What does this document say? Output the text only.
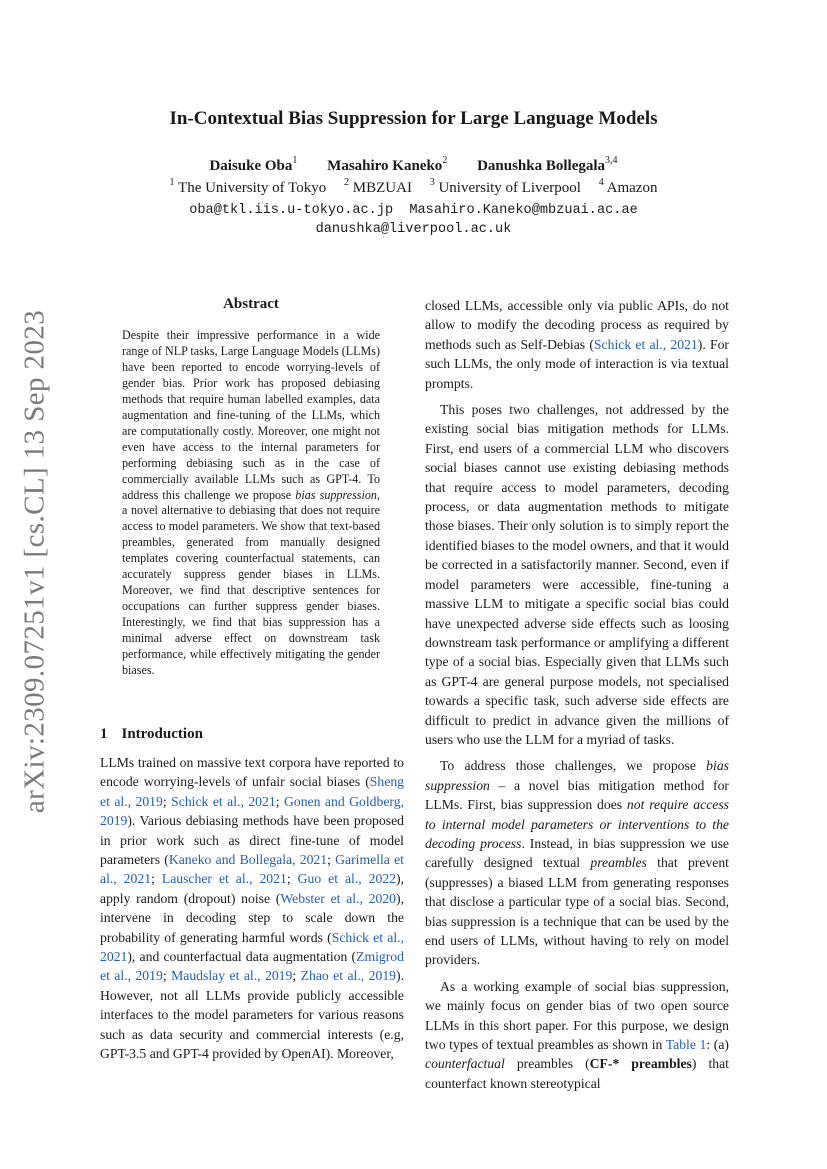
arXiv:2309.07251v1 [cs.CL] 13 Sep 2023
In-Contextual Bias Suppression for Large Language Models
Daisuke Oba$^1$ Masahiro Kaneko$^2$ Danushka Bollegala$^{3,4}$
$^1$ The University of Tokyo $^2$ MBZUAI $^3$ University of Liverpool $^4$ Amazon
oba@tkl.iis.u-tokyo.ac.jp Masahiro.Kaneko@mbzuai.ac.ae
danushka@liverpool.ac.uk
Abstract
Despite their impressive performance in a wide range of NLP tasks, Large Language Models (LLMs) have been reported to encode worrying-levels of gender bias. Prior work has proposed debiasing methods that require human labelled examples, data augmentation and fine-tuning of the LLMs, which are computationally costly. Moreover, one might not even have access to the internal parameters for performing debiasing such as in the case of commercially available LLMs such as GPT-4. To address this challenge we propose bias suppression, a novel alternative to debiasing that does not require access to model parameters. We show that text-based preambles, generated from manually designed templates covering counterfactual statements, can accurately suppress gender biases in LLMs. Moreover, we find that descriptive sentences for occupations can further suppress gender biases. Interestingly, we find that bias suppression has a minimal adverse effect on downstream task performance, while effectively mitigating the gender biases.
1 Introduction

LLMs trained on massive text corpora have reported to encode worrying-levels of unfair social biases (Sheng et al., 2019; Schick et al., 2021; Gonen and Goldberg, 2019). Various debiasing methods have been proposed in prior work such as direct fine-tune of model parameters (Kaneko and Bollegala, 2021; Garimella et al., 2021; Lauscher et al., 2021; Guo et al., 2022), apply random (dropout) noise (Webster et al., 2020), intervene in decoding step to scale down the probability of generating harmful words (Schick et al., 2021), and counterfactual data augmentation (Zmigrod et al., 2019; Maudslay et al., 2019; Zhao et al., 2019). However, not all LLMs provide publicly accessible interfaces to the model parameters for various reasons such as data security and commercial interests (e.g, GPT-3.5 and GPT-4 provided by OpenAI). Moreover,

closed LLMs, accessible only via public APIs, do not allow to modify the decoding process as required by methods such as Self-Debias (Schick et al., 2021). For such LLMs, the only mode of interaction is via textual prompts.

This poses two challenges, not addressed by the existing social bias mitigation methods for LLMs. First, end users of a commercial LLM who discovers social biases cannot use existing debiasing methods that require access to model parameters, decoding process, or data augmentation methods to mitigate those biases. Their only solution is to simply report the identified biases to the model owners, and that it would be corrected in a satisfactorily manner. Second, even if model parameters were accessible, fine-tuning a massive LLM to mitigate a specific social bias could have unexpected adverse side effects such as loosing downstream task performance or amplifying a different type of a social bias. Especially given that LLMs such as GPT-4 are general purpose models, not specialised towards a specific task, such adverse side effects are difficult to predict in advance given the millions of users who use the LLM for a myriad of tasks.

To address those challenges, we propose bias suppression – a novel bias mitigation method for LLMs. First, bias suppression does not require access to internal model parameters or interventions to the decoding process. Instead, in bias suppression we use carefully designed textual preambles that prevent (suppresses) a biased LLM from generating responses that disclose a particular type of a social bias. Second, bias suppression is a technique that can be used by the end users of LLMs, without having to rely on model providers.

As a working example of social bias suppression, we mainly focus on gender bias of two open source LLMs in this short paper. For this purpose, we design two types of textual preambles as shown in Table 1: (a) counterfactual preambles (CF-* preambles) that counterfact known stereotypical
